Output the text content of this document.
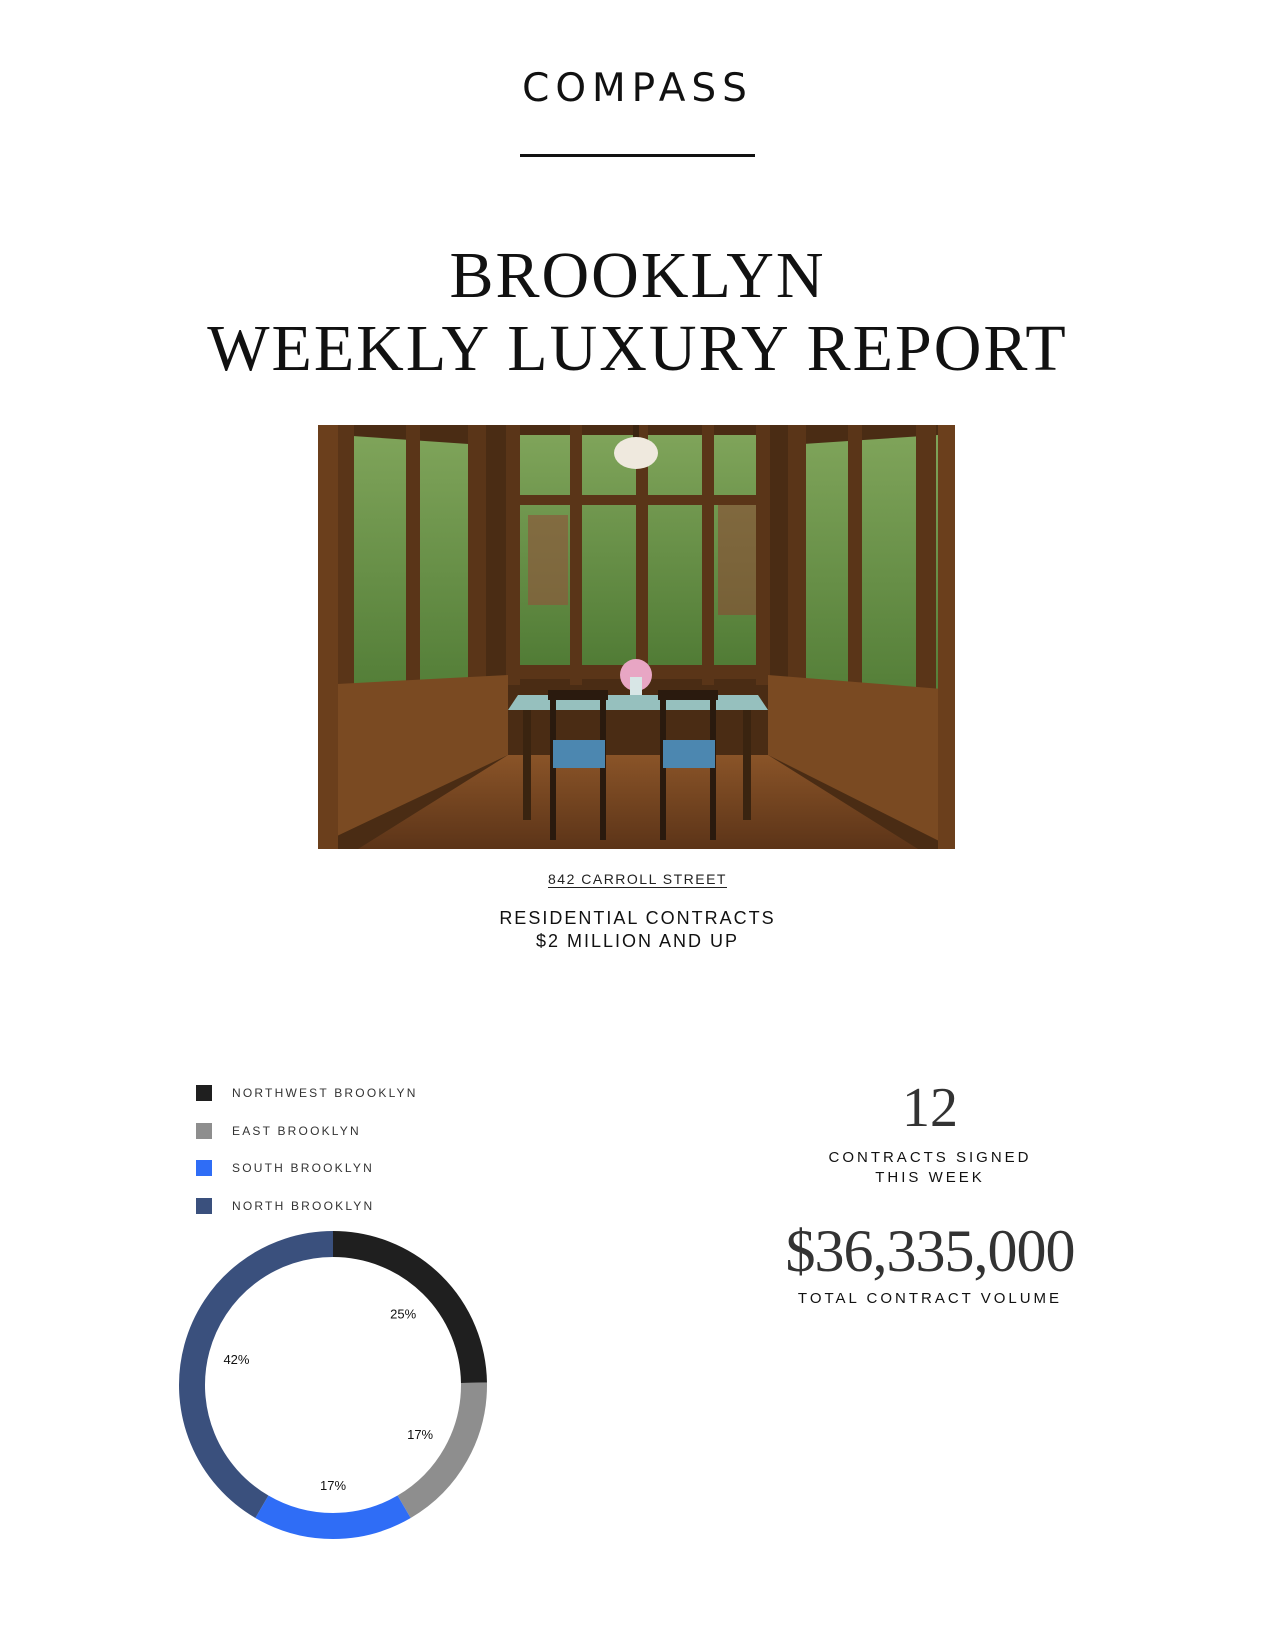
COMPASS
BROOKLYN
WEEKLY LUXURY REPORT
842 CARROLL STREET
RESIDENTIAL CONTRACTS
$2 MILLION AND UP
NORTHWEST BROOKLYN
EAST BROOKLYN
SOUTH BROOKLYN
NORTH BROOKLYN
25%
17%
17%
42%
12
CONTRACTS SIGNED
THIS WEEK
$36,335,000
TOTAL CONTRACT VOLUME
